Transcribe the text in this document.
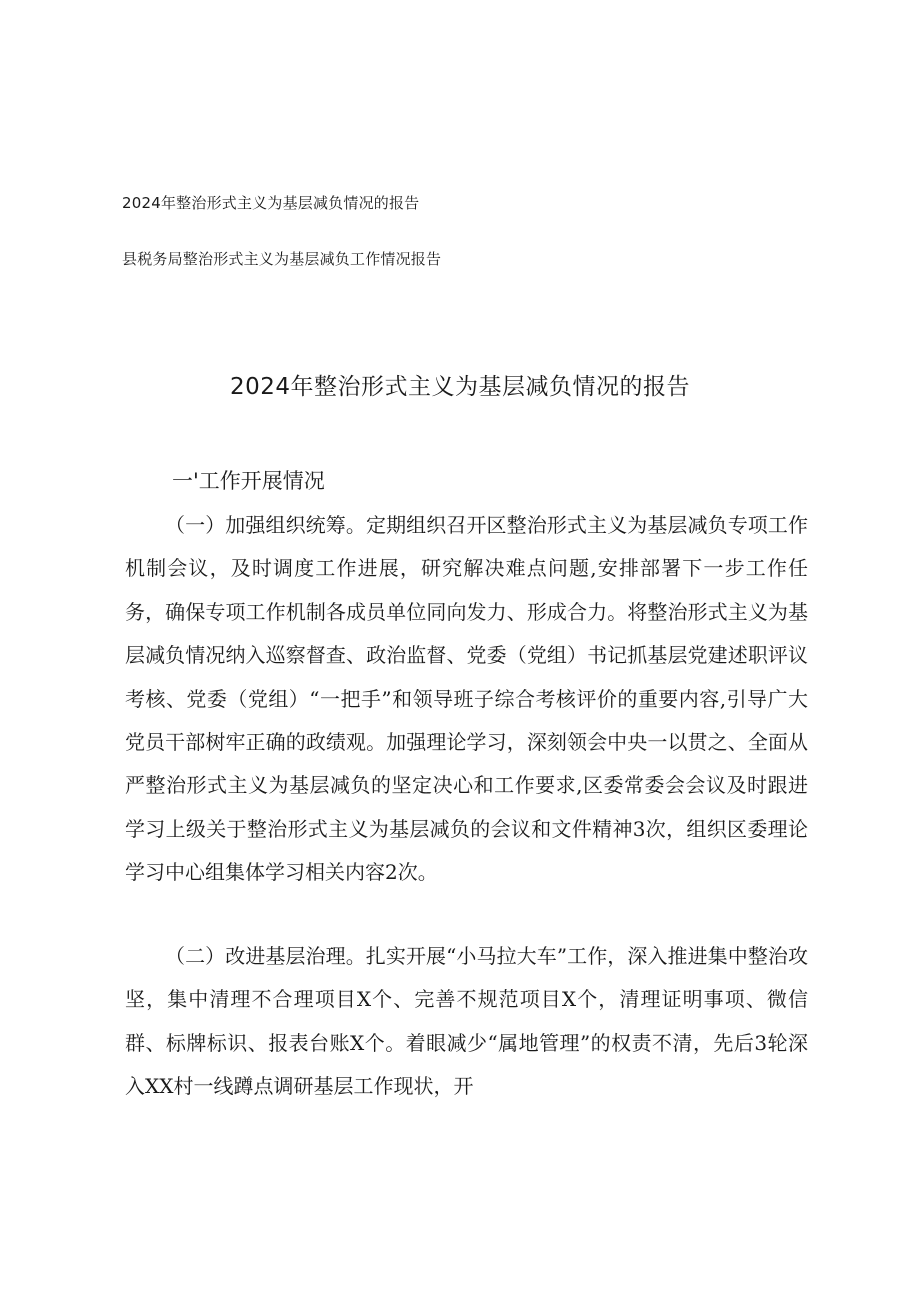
2024年整治形式主义为基层减负情况的报告
县税务局整治形式主义为基层减负工作情况报告
2024年整治形式主义为基层减负情况的报告
一'工作开展情况

（一）加强组织统筹。定期组织召开区整治形式主义为基层减负专项工作机制会议，及时调度工作进展，研究解决难点问题,安排部署下一步工作任务，确保专项工作机制各成员单位同向发力、形成合力。将整治形式主义为基层减负情况纳入巡察督查、政治监督、党委（党组）书记抓基层党建述职评议考核、党委（党组）“一把手”和领导班子综合考核评价的重要内容,引导广大党员干部树牢正确的政绩观。加强理论学习，深刻领会中央一以贯之、全面从严整治形式主义为基层减负的坚定决心和工作要求,区委常委会会议及时跟进学习上级关于整治形式主义为基层减负的会议和文件精神3次，组织区委理论学习中心组集体学习相关内容2次。

（二）改进基层治理。扎实开展“小马拉大车”工作，深入推进集中整治攻坚，集中清理不合理项目X个、完善不规范项目X个，清理证明事项、微信群、标牌标识、报表台账X个。着眼减少“属地管理”的权责不清，先后3轮深入XX村一线蹲点调研基层工作现状，开
